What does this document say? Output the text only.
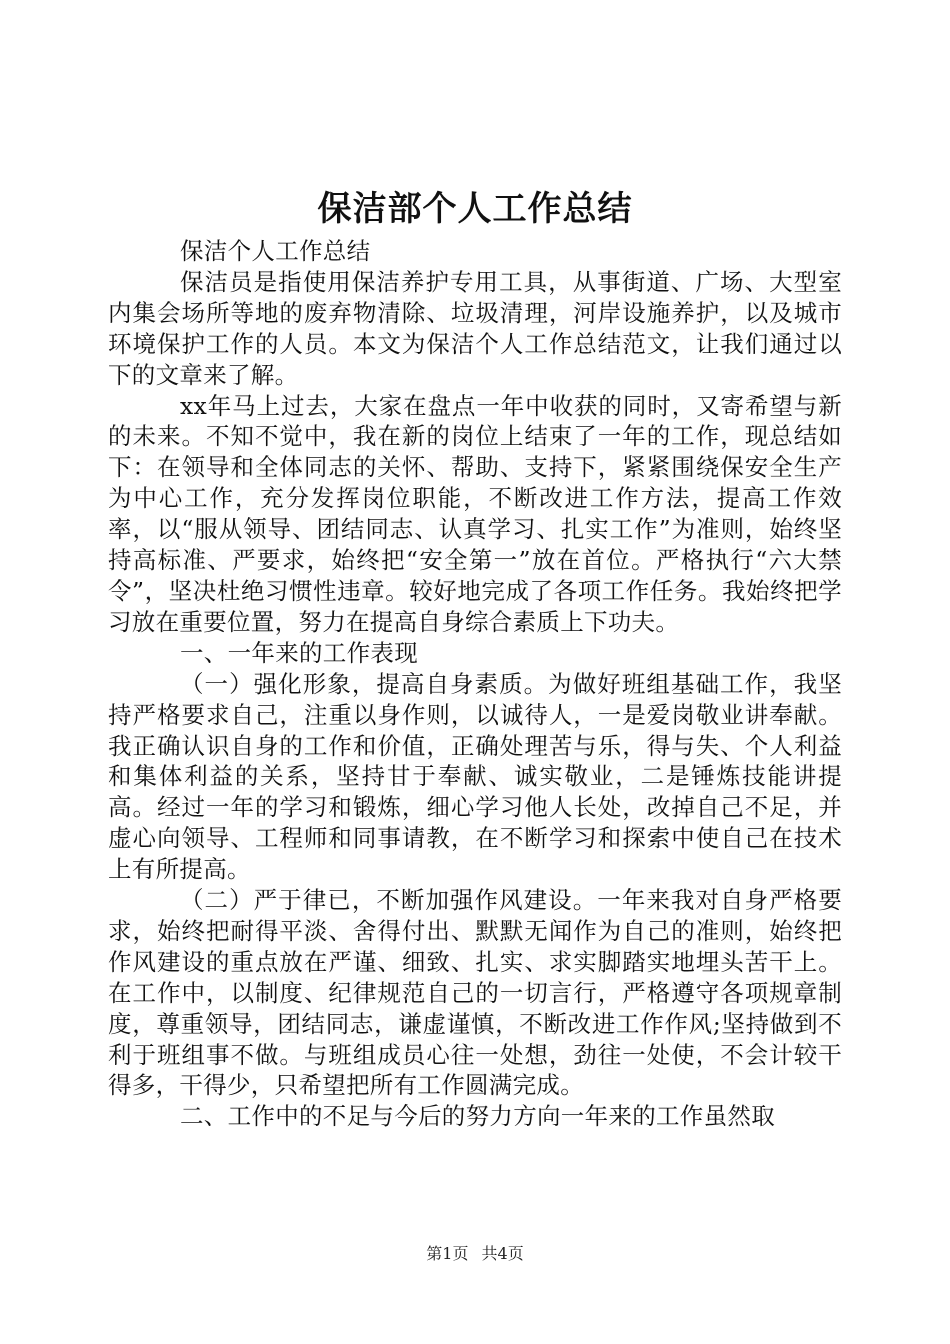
保洁部个人工作总结

保洁个人工作总结

保洁员是指使用保洁养护专用工具，从事街道、广场、大型室内集会场所等地的废弃物清除、垃圾清理，河岸设施养护，以及城市环境保护工作的人员。本文为保洁个人工作总结范文，让我们通过以下的文章来了解。

xx年马上过去，大家在盘点一年中收获的同时，又寄希望与新的未来。不知不觉中，我在新的岗位上结束了一年的工作，现总结如下：在领导和全体同志的关怀、帮助、支持下，紧紧围绕保安全生产为中心工作，充分发挥岗位职能，不断改进工作方法，提高工作效率，以“服从领导、团结同志、认真学习、扎实工作”为准则，始终坚持高标准、严要求，始终把“安全第一”放在首位。严格执行“六大禁令”，坚决杜绝习惯性违章。较好地完成了各项工作任务。我始终把学习放在重要位置，努力在提高自身综合素质上下功夫。

一、一年来的工作表现

（一）强化形象，提高自身素质。为做好班组基础工作，我坚持严格要求自己，注重以身作则，以诚待人，一是爱岗敬业讲奉献。我正确认识自身的工作和价值，正确处理苦与乐，得与失、个人利益和集体利益的关系，坚持甘于奉献、诚实敬业，二是锤炼技能讲提高。经过一年的学习和锻炼，细心学习他人长处，改掉自己不足，并虚心向领导、工程师和同事请教，在不断学习和探索中使自己在技术上有所提高。

（二）严于律已，不断加强作风建设。一年来我对自身严格要求，始终把耐得平淡、舍得付出、默默无闻作为自己的准则，始终把作风建设的重点放在严谨、细致、扎实、求实脚踏实地埋头苦干上。在工作中，以制度、纪律规范自己的一切言行，严格遵守各项规章制度，尊重领导，团结同志，谦虚谨慎，不断改进工作作风;坚持做到不利于班组事不做。与班组成员心往一处想，劲往一处使，不会计较干得多，干得少，只希望把所有工作圆满完成。

二、工作中的不足与今后的努力方向一年来的工作虽然取

第1页 共4页
